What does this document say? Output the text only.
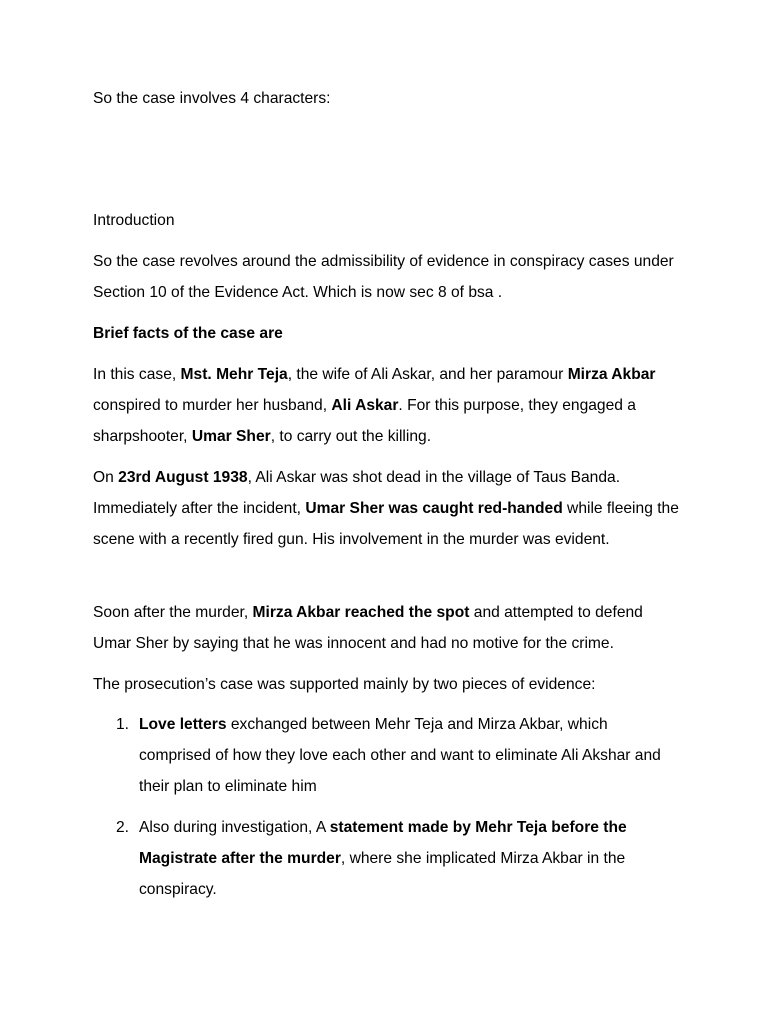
So the case involves 4 characters:

Introduction

So the case revolves around the admissibility of evidence in conspiracy cases under Section 10 of the Evidence Act. Which is now sec 8 of bsa .

Brief facts of the case are

In this case, Mst. Mehr Teja, the wife of Ali Askar, and her paramour Mirza Akbar conspired to murder her husband, Ali Askar. For this purpose, they engaged a sharpshooter, Umar Sher, to carry out the killing.

On 23rd August 1938, Ali Askar was shot dead in the village of Taus Banda. Immediately after the incident, Umar Sher was caught red-handed while fleeing the scene with a recently fired gun. His involvement in the murder was evident.

Soon after the murder, Mirza Akbar reached the spot and attempted to defend Umar Sher by saying that he was innocent and had no motive for the crime.

The prosecution’s case was supported mainly by two pieces of evidence:

1. Love letters exchanged between Mehr Teja and Mirza Akbar, which comprised of how they love each other and want to eliminate Ali Akshar and their plan to eliminate him
2. Also during investigation, A statement made by Mehr Teja before the Magistrate after the murder, where she implicated Mirza Akbar in the conspiracy.
